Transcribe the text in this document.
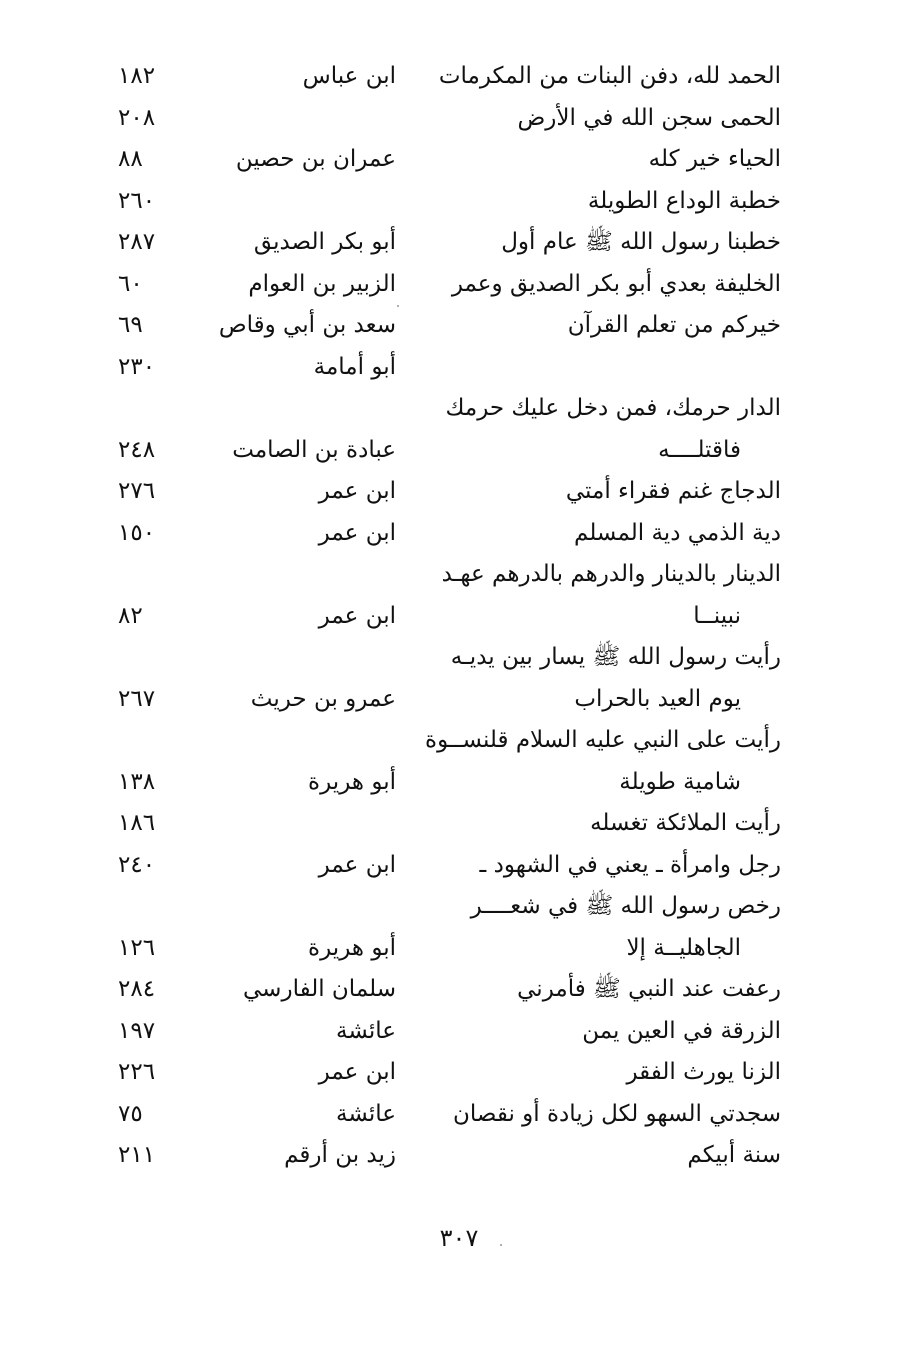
الحمد لله، دفن البنات من المكرمات
ابن عباس
١٨٢
الحمى سجن الله في الأرض
٢٠٨
الحياء خير كله
عمران بن حصين
٨٨
خطبة الوداع الطويلة
٢٦٠
خطبنا رسول الله ﷺ عام أول
أبو بكر الصديق
٢٨٧
الخليفة بعدي أبو بكر الصديق وعمر
الزبير بن العوام
٦٠
خيركم من تعلم القرآن
سعد بن أبي وقاص
٦٩
أبو أمامة
٢٣٠
الدار حرمك، فمن دخل عليك حرمك
فاقتلــــه
عبادة بن الصامت
٢٤٨
الدجاج غنم فقراء أمتي
ابن عمر
٢٧٦
دية الذمي دية المسلم
ابن عمر
١٥٠
الدينار بالدينار والدرهم بالدرهم عهـد
نبينــا
ابن عمر
٨٢
رأيت رسول الله ﷺ يسار بين يديـه
يوم العيد بالحراب
عمرو بن حريث
٢٦٧
رأيت على النبي عليه السلام قلنســوة
شامية طويلة
أبو هريرة
١٣٨
رأيت الملائكة تغسله
١٨٦
رجل وامرأة ـ يعني في الشهود ـ
ابن عمر
٢٤٠
رخص رسول الله ﷺ في شعــــر
الجاهليــة إلا
أبو هريرة
١٢٦
رعفت عند النبي ﷺ فأمرني
سلمان الفارسي
٢٨٤
الزرقة في العين يمن
عائشة
١٩٧
الزنا يورث الفقر
ابن عمر
٢٢٦
سجدتي السهو لكل زيادة أو نقصان
عائشة
٧٥
سنة أبيكم
زيد بن أرقم
٢١١
٣٠٧
